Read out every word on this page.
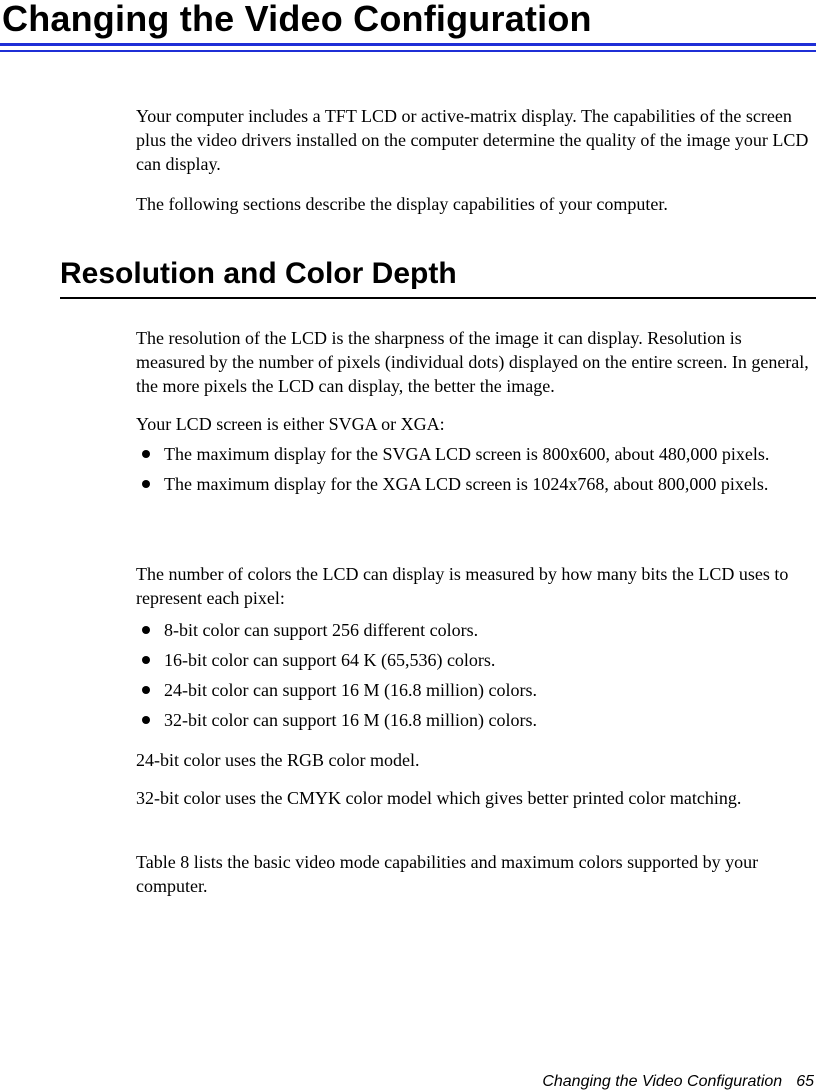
Changing the Video Configuration

Your computer includes a TFT LCD or active-matrix display. The capabilities of the screen plus the video drivers installed on the computer determine the quality of the image your LCD can display.

The following sections describe the display capabilities of your computer.

Resolution and Color Depth

The resolution of the LCD is the sharpness of the image it can display. Resolution is measured by the number of pixels (individual dots) displayed on the entire screen. In general, the more pixels the LCD can display, the better the image.

Your LCD screen is either SVGA or XGA:

The maximum display for the SVGA LCD screen is 800x600, about 480,000 pixels.
The maximum display for the XGA LCD screen is 1024x768, about 800,000 pixels.

The number of colors the LCD can display is measured by how many bits the LCD uses to represent each pixel:

8-bit color can support 256 different colors.
16-bit color can support 64 K (65,536) colors.
24-bit color can support 16 M (16.8 million) colors.
32-bit color can support 16 M (16.8 million) colors.

24-bit color uses the RGB color model.

32-bit color uses the CMYK color model which gives better printed color matching.

Table 8 lists the basic video mode capabilities and maximum colors supported by your computer.

Changing the Video Configuration 65
